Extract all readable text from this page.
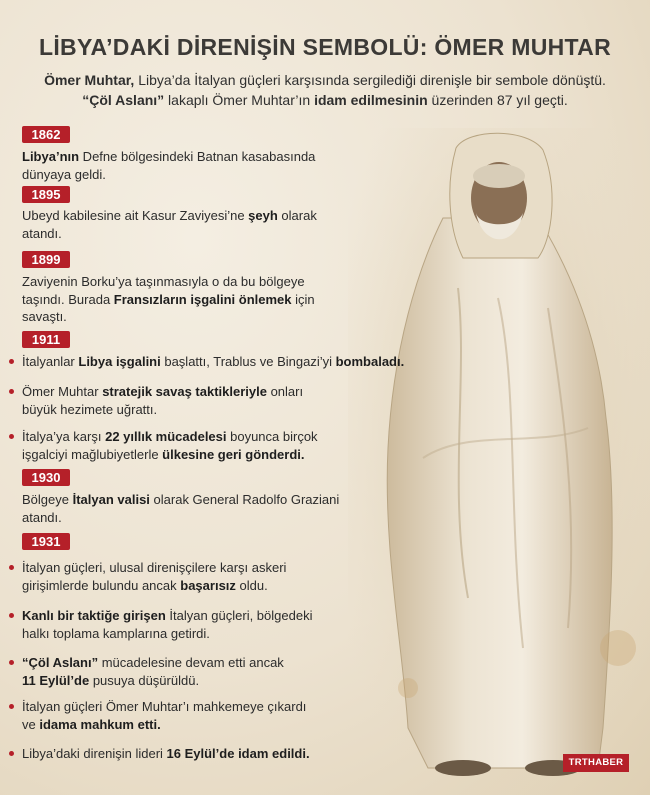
LİBYA’DAKİ DİRENİŞİN SEMBOLÜ: ÖMER MUHTAR
Ömer Muhtar, Libya’da İtalyan güçleri karşısında sergilediği direnişle bir sembole dönüştü.
“Çöl Aslanı” lakaplı Ömer Muhtar’ın idam edilmesinin üzerinden 87 yıl geçti.
1862
Libya’nın Defne bölgesindeki Batnan kasabasında
dünyaya geldi.
1895
Ubeyd kabilesine ait Kasur Zaviyesi’ne şeyh olarak
atandı.
1899
Zaviyenin Borku’ya taşınmasıyla o da bu bölgeye
taşındı. Burada Fransızların işgalini önlemek için
savaştı.
1911
İtalyanlar Libya işgalini başlattı, Trablus ve Bingazi’yi bombaladı.
Ömer Muhtar stratejik savaş taktikleriyle onları
büyük hezimete uğrattı.
İtalya’ya karşı 22 yıllık mücadelesi boyunca birçok
işgalciyi mağlubiyetlerle ülkesine geri gönderdi.
1930
Bölgeye İtalyan valisi olarak General Radolfo Graziani
atandı.
1931
İtalyan güçleri, ulusal direnişçilere karşı askeri
girişimlerde bulundu ancak başarısız oldu.
Kanlı bir taktiğe girişen İtalyan güçleri, bölgedeki
halkı toplama kamplarına getirdi.
“Çöl Aslanı” mücadelesine devam etti ancak
11 Eylül’de pusuya düşürüldü.
İtalyan güçleri Ömer Muhtar’ı mahkemeye çıkardı
ve idama mahkum etti.
Libya’daki direnişin lideri 16 Eylül’de idam edildi.
TRTHABER
